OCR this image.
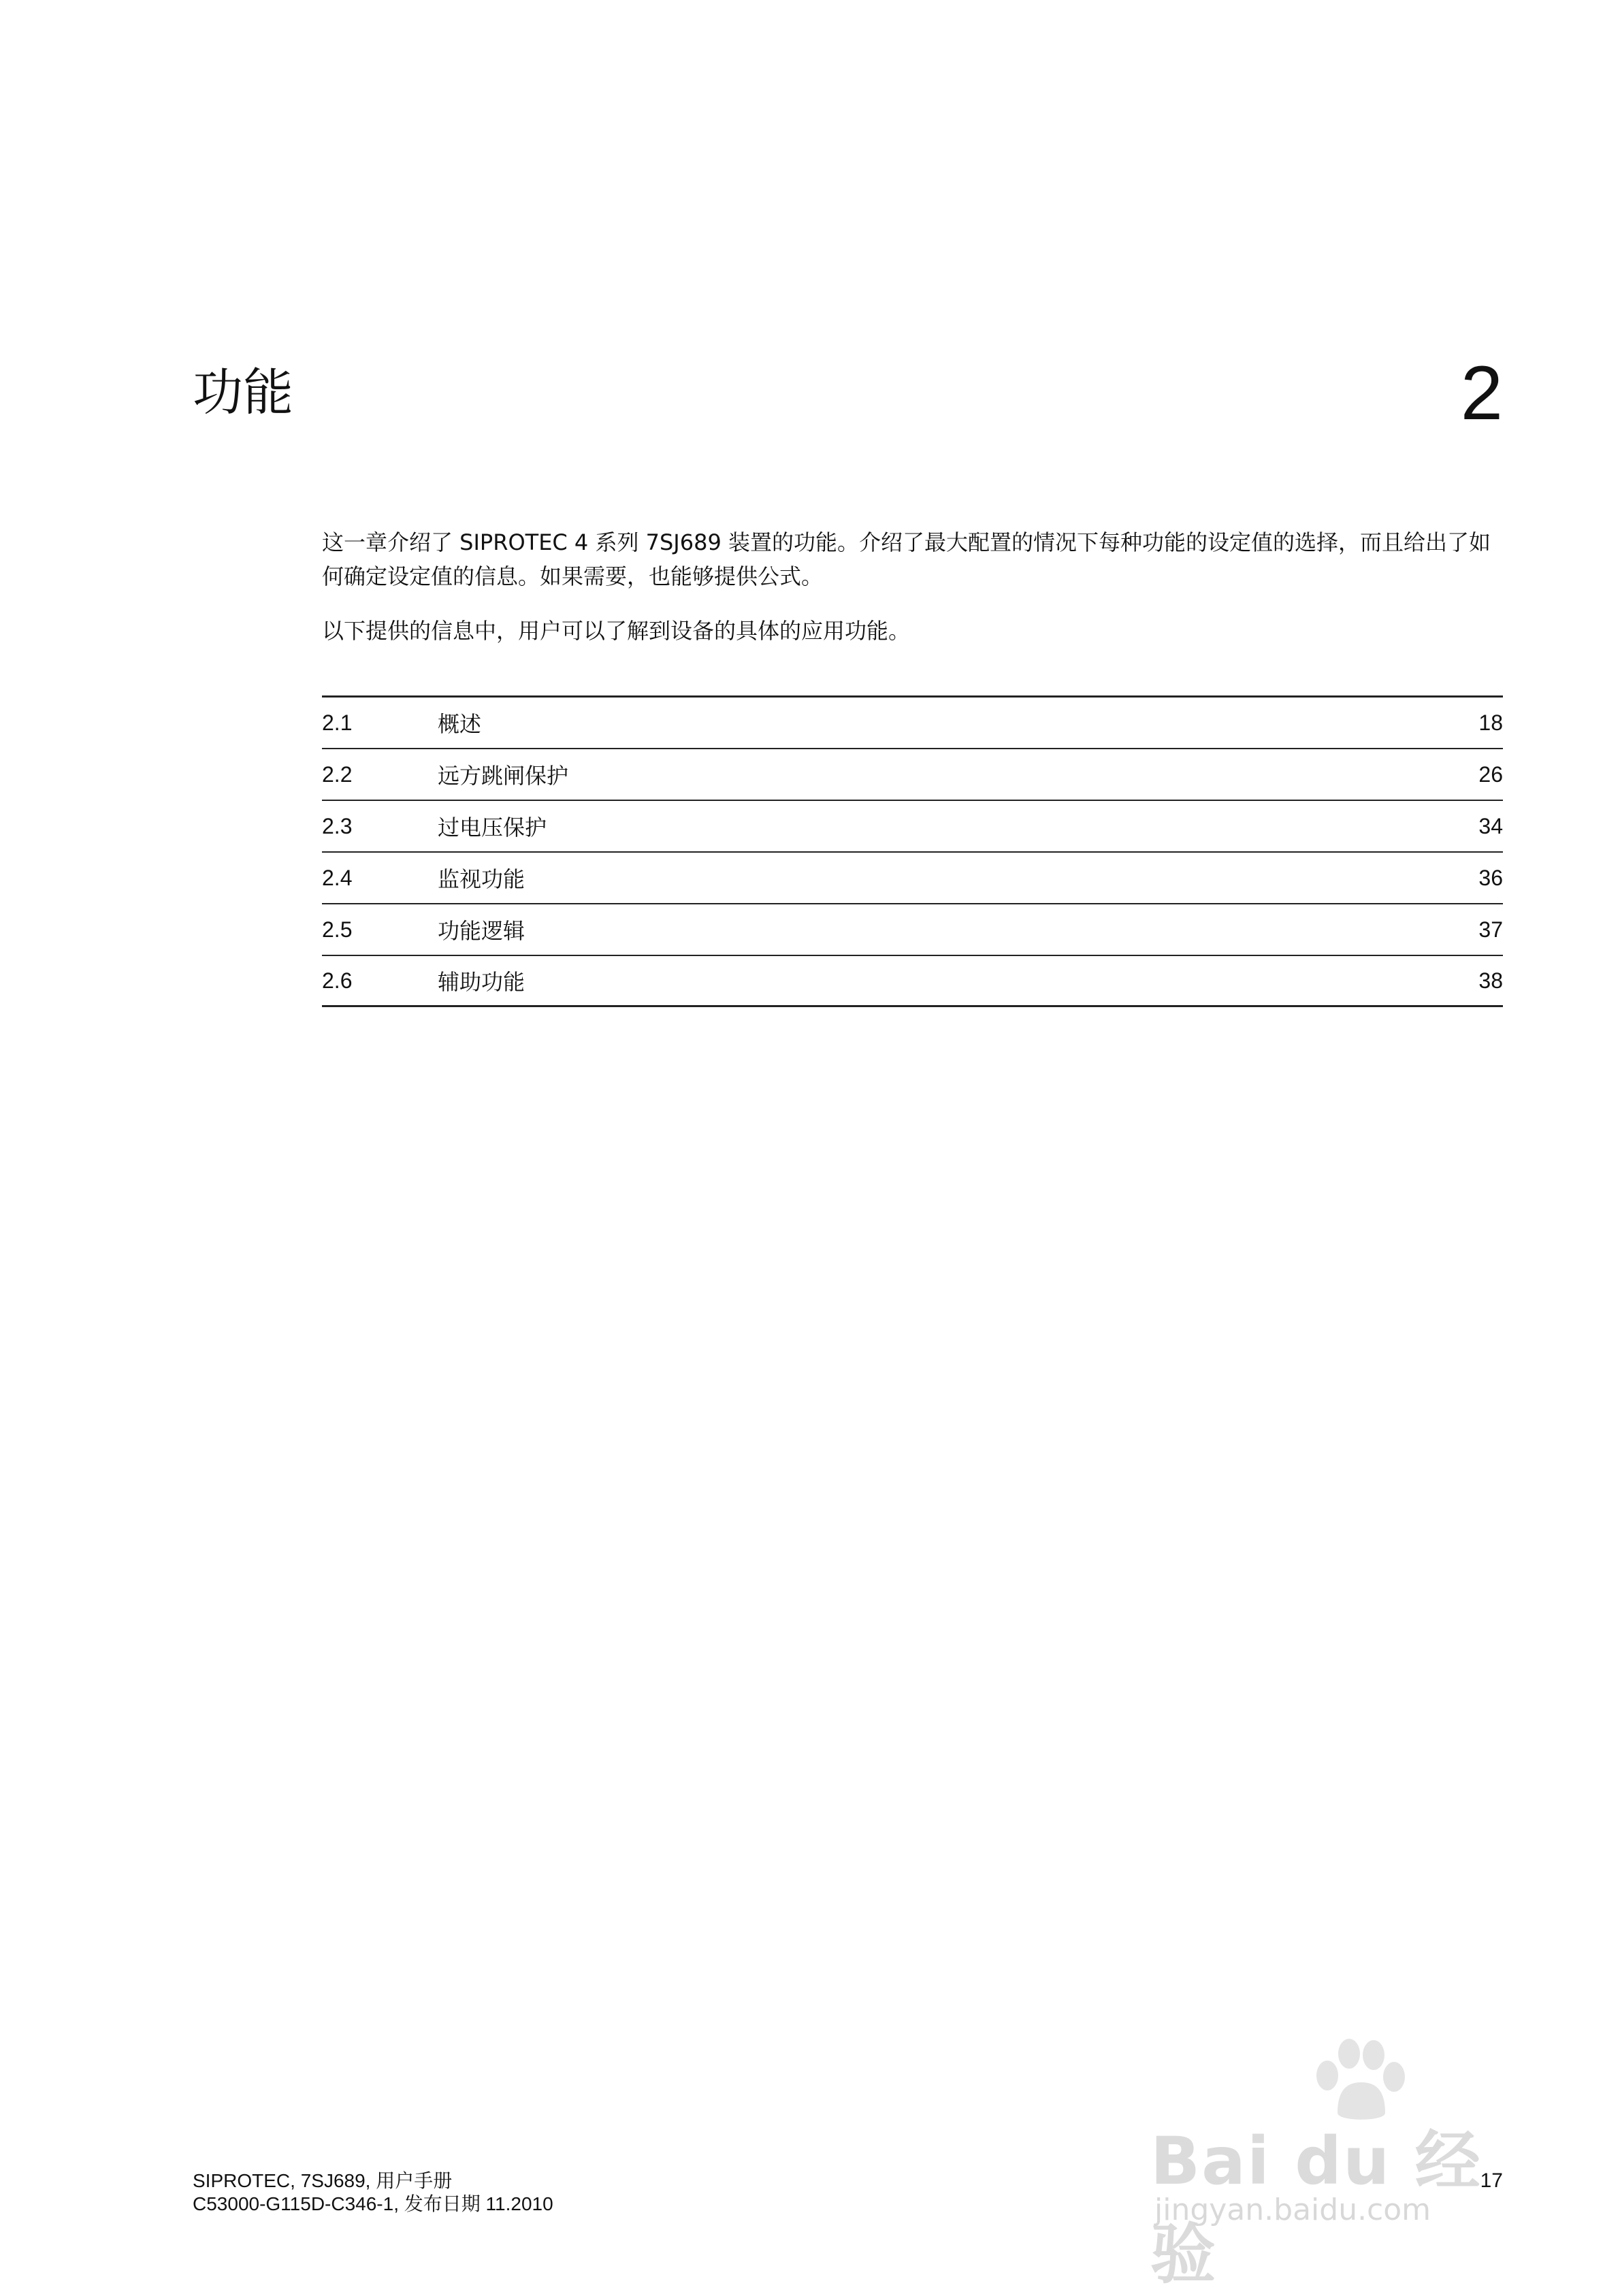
功能	2

这一章介绍了 SIPROTEC 4 系列 7SJ689 装置的功能。介绍了最大配置的情况下每种功能的设定值的选择，而且给出了如何确定设定值的信息。如果需要，也能够提供公式。

以下提供的信息中，用户可以了解到设备的具体的应用功能。

2.1	概述	18
2.2	远方跳闸保护	26
2.3	过电压保护	34
2.4	监视功能	36
2.5	功能逻辑	37
2.6	辅助功能	38
Bai du 经验
jingyan.baidu.com
SIPROTEC, 7SJ689, 用户手册
C53000-G115D-C346-1, 发布日期 11.2010
17
